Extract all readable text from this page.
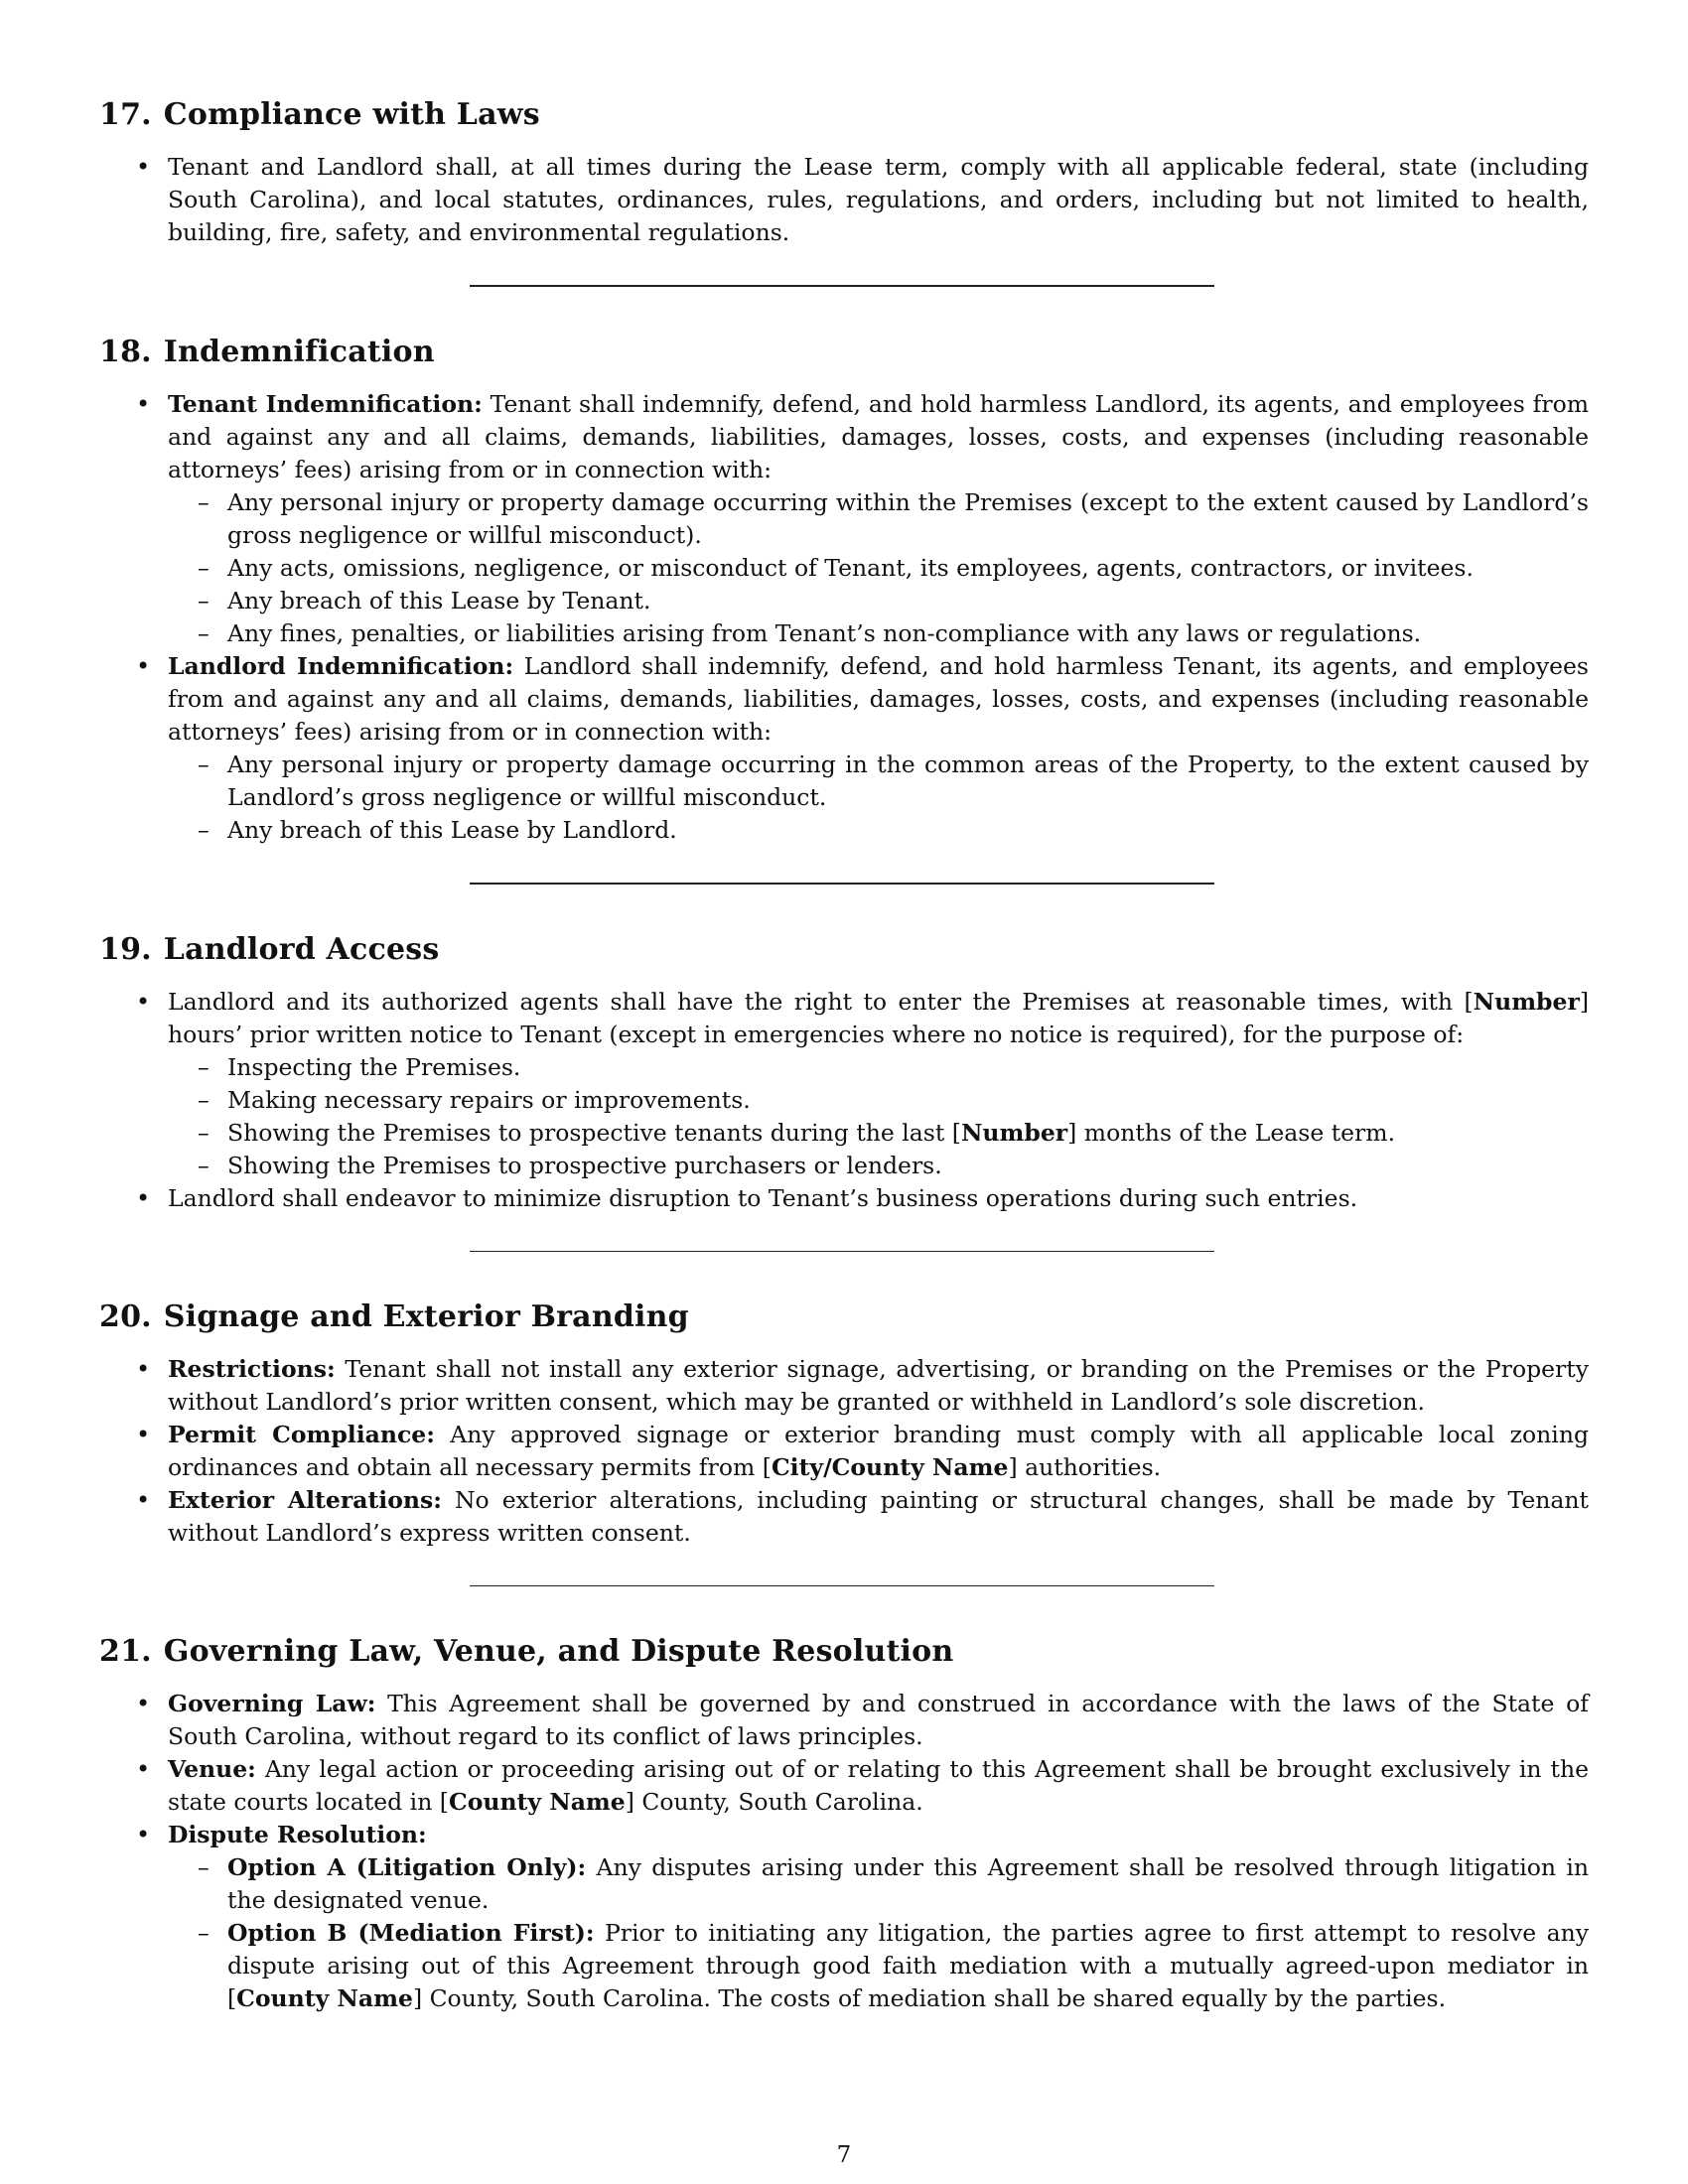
17. Compliance with Laws
• Tenant and Landlord shall, at all times during the Lease term, comply with all applicable federal, state (including South Carolina), and local statutes, ordinances, rules, regulations, and orders, including but not limited to health, building, fire, safety, and environmental regulations.
18. Indemnification
• Tenant Indemnification: Tenant shall indemnify, defend, and hold harmless Landlord, its agents, and employees from and against any and all claims, demands, liabilities, damages, losses, costs, and expenses (including reasonable attorneys’ fees) arising from or in connection with:
– Any personal injury or property damage occurring within the Premises (except to the extent caused by Landlord’s gross negligence or willful misconduct).
– Any acts, omissions, negligence, or misconduct of Tenant, its employees, agents, contractors, or invitees.
– Any breach of this Lease by Tenant.
– Any fines, penalties, or liabilities arising from Tenant’s non-compliance with any laws or regulations.
• Landlord Indemnification: Landlord shall indemnify, defend, and hold harmless Tenant, its agents, and employees from and against any and all claims, demands, liabilities, damages, losses, costs, and expenses (including reasonable attorneys’ fees) arising from or in connection with:
– Any personal injury or property damage occurring in the common areas of the Property, to the extent caused by Landlord’s gross negligence or willful misconduct.
– Any breach of this Lease by Landlord.
19. Landlord Access
• Landlord and its authorized agents shall have the right to enter the Premises at reasonable times, with [Number] hours’ prior written notice to Tenant (except in emergencies where no notice is required), for the purpose of:
– Inspecting the Premises.
– Making necessary repairs or improvements.
– Showing the Premises to prospective tenants during the last [Number] months of the Lease term.
– Showing the Premises to prospective purchasers or lenders.
• Landlord shall endeavor to minimize disruption to Tenant’s business operations during such entries.
20. Signage and Exterior Branding
• Restrictions: Tenant shall not install any exterior signage, advertising, or branding on the Premises or the Property without Landlord’s prior written consent, which may be granted or withheld in Landlord’s sole discretion.
• Permit Compliance: Any approved signage or exterior branding must comply with all applicable local zoning ordinances and obtain all necessary permits from [City/County Name] authorities.
• Exterior Alterations: No exterior alterations, including painting or structural changes, shall be made by Tenant without Landlord’s express written consent.
21. Governing Law, Venue, and Dispute Resolution
• Governing Law: This Agreement shall be governed by and construed in accordance with the laws of the State of South Carolina, without regard to its conflict of laws principles.
• Venue: Any legal action or proceeding arising out of or relating to this Agreement shall be brought exclusively in the state courts located in [County Name] County, South Carolina.
• Dispute Resolution:
– Option A (Litigation Only): Any disputes arising under this Agreement shall be resolved through litigation in the designated venue.
– Option B (Mediation First): Prior to initiating any litigation, the parties agree to first attempt to resolve any dispute arising out of this Agreement through good faith mediation with a mutually agreed-upon mediator in [County Name] County, South Carolina. The costs of mediation shall be shared equally by the parties.
7
